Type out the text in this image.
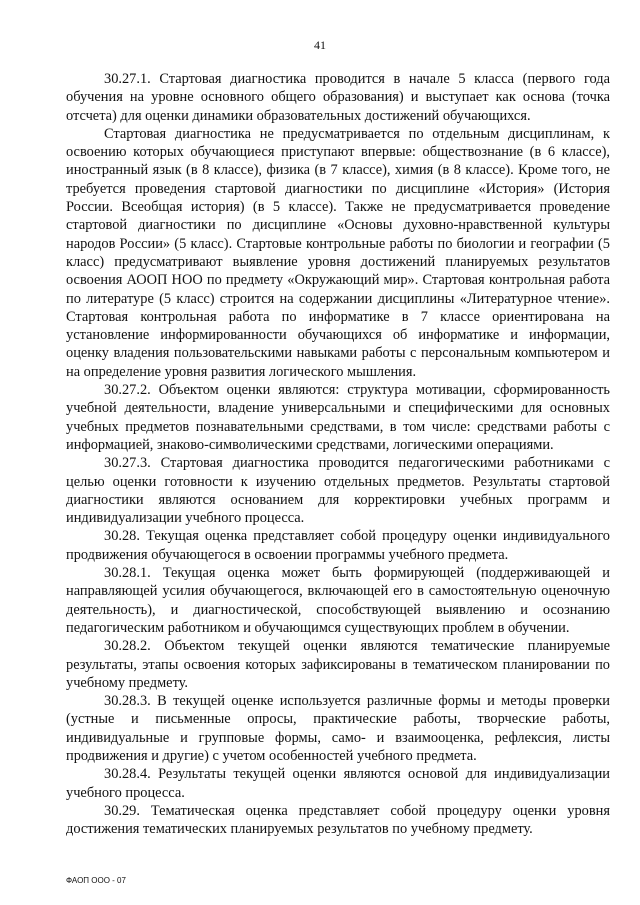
41

30.27.1. Стартовая диагностика проводится в начале 5 класса (первого года обучения на уровне основного общего образования) и выступает как основа (точка отсчета) для оценки динамики образовательных достижений обучающихся.

Стартовая диагностика не предусматривается по отдельным дисциплинам, к освоению которых обучающиеся приступают впервые: обществознание (в 6 классе), иностранный язык (в 8 классе), физика (в 7 классе), химия (в 8 классе). Кроме того, не требуется проведения стартовой диагностики по дисциплине «История» (История России. Всеобщая история) (в 5 классе). Также не предусматривается проведение стартовой диагностики по дисциплине «Основы духовно-нравственной культуры народов России» (5 класс). Стартовые контрольные работы по биологии и географии (5 класс) предусматривают выявление уровня достижений планируемых результатов освоения АООП НОО по предмету «Окружающий мир». Стартовая контрольная работа по литературе (5 класс) строится на содержании дисциплины «Литературное чтение». Стартовая контрольная работа по информатике в 7 классе ориентирована на установление информированности обучающихся об информатике и информации, оценку владения пользовательскими навыками работы с персональным компьютером и на определение уровня развития логического мышления.

30.27.2. Объектом оценки являются: структура мотивации, сформированность учебной деятельности, владение универсальными и специфическими для основных учебных предметов познавательными средствами, в том числе: средствами работы с информацией, знаково-символическими средствами, логическими операциями.

30.27.3. Стартовая диагностика проводится педагогическими работниками с целью оценки готовности к изучению отдельных предметов. Результаты стартовой диагностики являются основанием для корректировки учебных программ и индивидуализации учебного процесса.

30.28. Текущая оценка представляет собой процедуру оценки индивидуального продвижения обучающегося в освоении программы учебного предмета.

30.28.1. Текущая оценка может быть формирующей (поддерживающей и направляющей усилия обучающегося, включающей его в самостоятельную оценочную деятельность), и диагностической, способствующей выявлению и осознанию педагогическим работником и обучающимся существующих проблем в обучении.

30.28.2. Объектом текущей оценки являются тематические планируемые результаты, этапы освоения которых зафиксированы в тематическом планировании по учебному предмету.

30.28.3. В текущей оценке используется различные формы и методы проверки (устные и письменные опросы, практические работы, творческие работы, индивидуальные и групповые формы, само- и взаимооценка, рефлексия, листы продвижения и другие) с учетом особенностей учебного предмета.

30.28.4. Результаты текущей оценки являются основой для индивидуализации учебного процесса.

30.29. Тематическая оценка представляет собой процедуру оценки уровня достижения тематических планируемых результатов по учебному предмету.

ФАОП ООО - 07
